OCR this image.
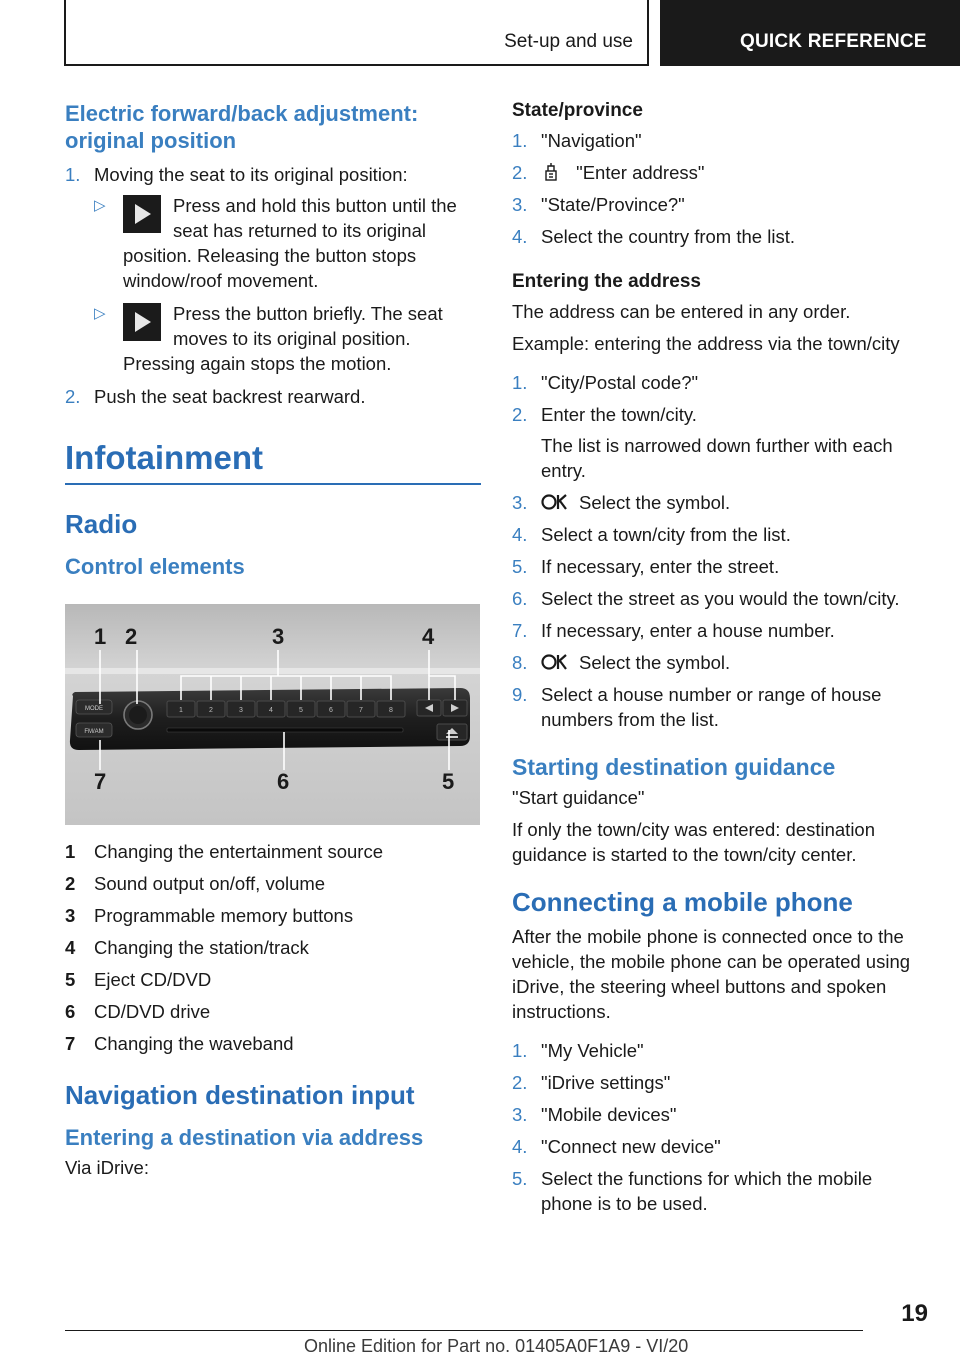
Set-up and use	QUICK REFERENCE
Electric forward/back adjustment: original position
1. Moving the seat to its original position:
▷	Press and hold this button until the seat has returned to its original position. Releasing the button stops window/roof movement.
▷	Press the button briefly. The seat moves to its original position. Pressing again stops the motion.
2. Push the seat backrest rearward.
Infotainment
Radio
Control elements
MODE
FM/AM
1	2	3	4	5	6	7	8
1 2	3	4
5
6
7
1 Changing the entertainment source
2 Sound output on/off, volume
3 Programmable memory buttons
4 Changing the station/track
5 Eject CD/DVD
6 CD/DVD drive
7 Changing the waveband
Navigation destination input
Entering a destination via address

Via iDrive:

State/province
1. "Navigation"
2.	"Enter address"
3. "State/Province?"
4. Select the country from the list.
Entering the address

The address can be entered in any order.

Example: entering the address via the town/city

1. "City/Postal code?"
2. Enter the town/city.
The list is narrowed down further with each entry.
3.	Select the symbol.
4. Select a town/city from the list.
5. If necessary, enter the street.
6. Select the street as you would the town/city.
7. If necessary, enter a house number.
8.	Select the symbol.
9. Select a house number or range of house numbers from the list.
Starting destination guidance

"Start guidance"

If only the town/city was entered: destination guidance is started to the town/city center.

Connecting a mobile phone

After the mobile phone is connected once to the vehicle, the mobile phone can be operated using iDrive, the steering wheel buttons and spoken instructions.

1. "My Vehicle"
2. "iDrive settings"
3. "Mobile devices"
4. "Connect new device"
5. Select the functions for which the mobile phone is to be used.
19
Online Edition for Part no. 01405A0F1A9 - VI/20
